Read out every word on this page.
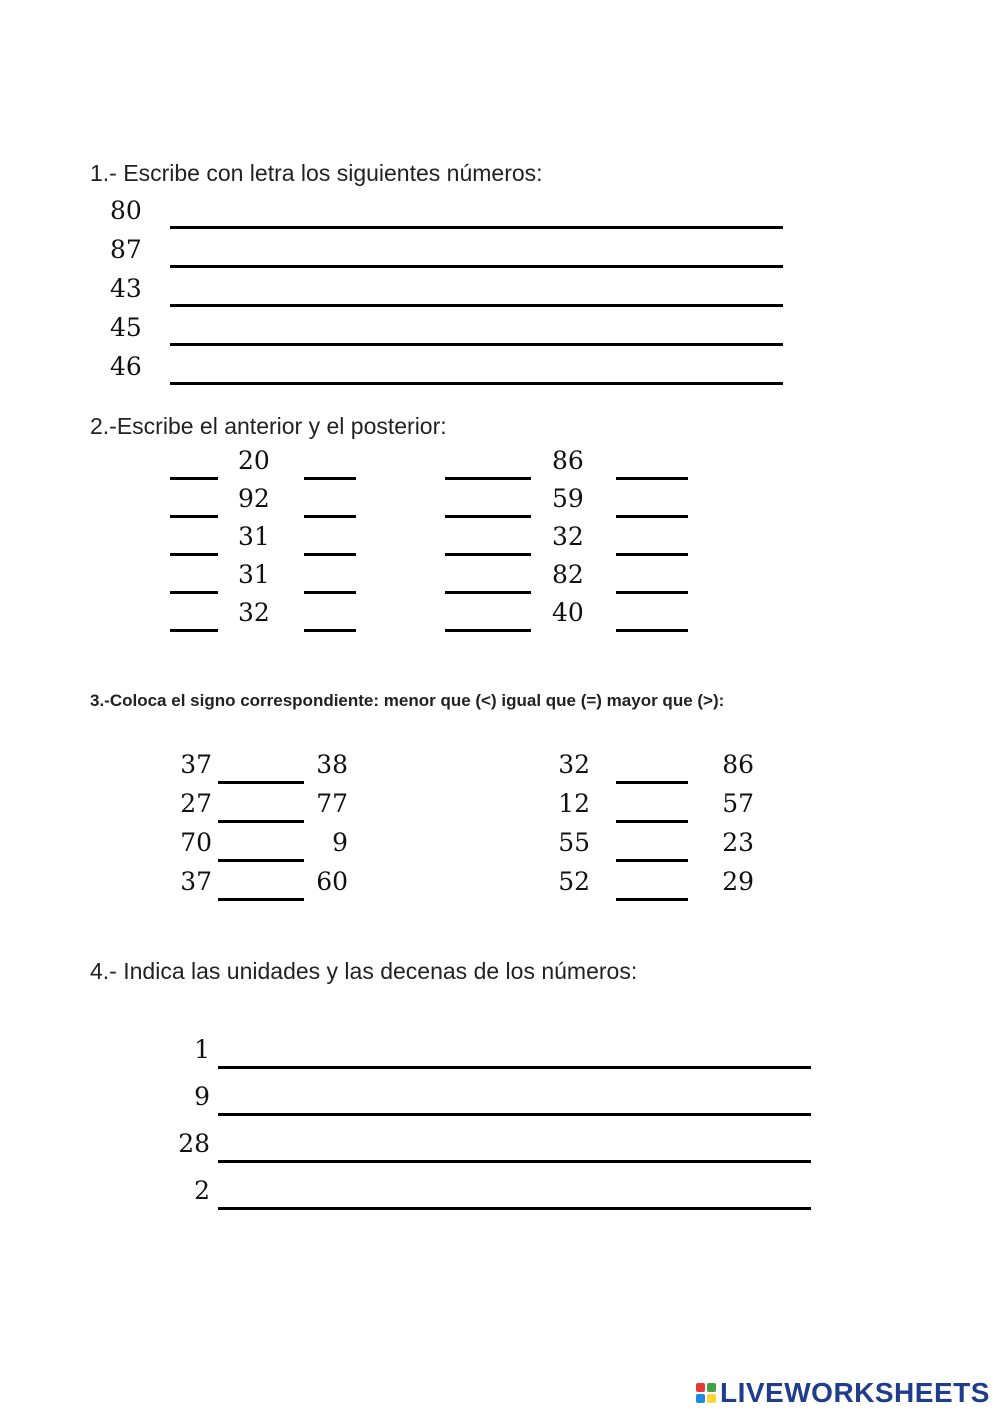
1.- Escribe con letra los siguientes números:
80
87
43
45
46
2.-Escribe el anterior y el posterior:
20	86
92	59
31	32
31	82
32	40
3.-Coloca el signo correspondiente: menor que (<) igual que (=) mayor que (>):
37	38	32	86
27	77	12	57
70	9	55	23
37	60	52	29
4.- Indica las unidades y las decenas de los números:
1
9
28
2
LIVEWORKSHEETS
